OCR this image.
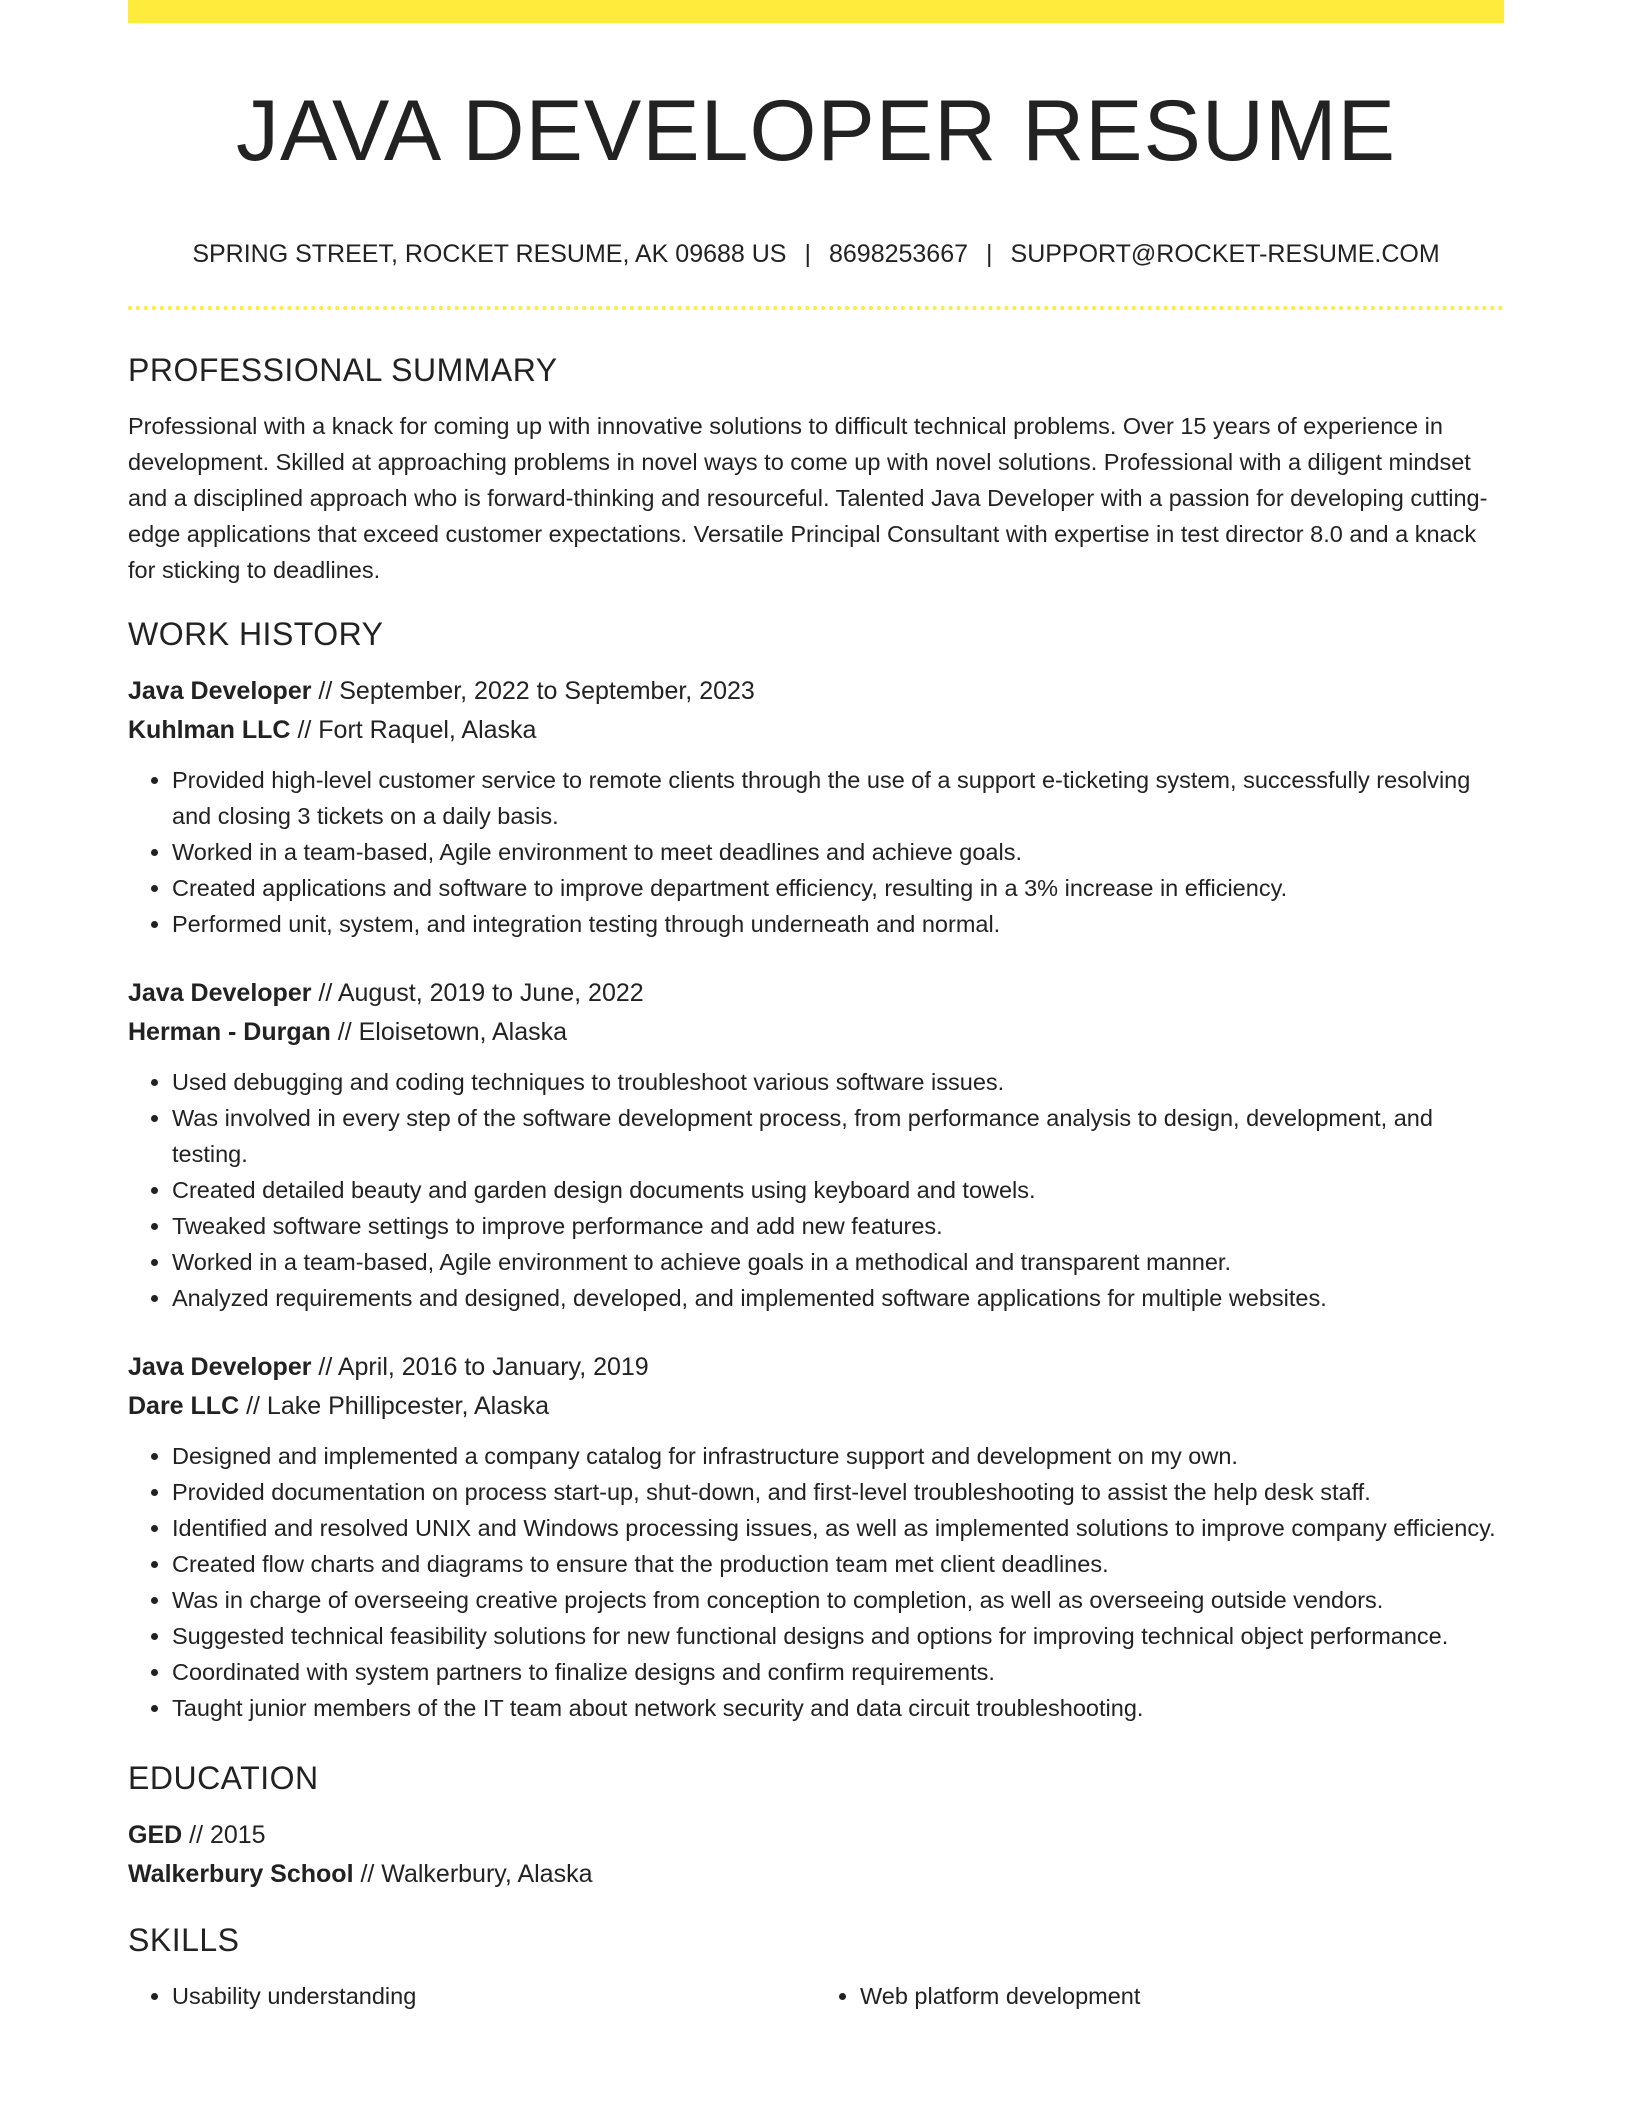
JAVA DEVELOPER RESUME
SPRING STREET, ROCKET RESUME, AK 09688 US | 8698253667 | SUPPORT@ROCKET-RESUME.COM
PROFESSIONAL SUMMARY

Professional with a knack for coming up with innovative solutions to difficult technical problems. Over 15 years of experience in development. Skilled at approaching problems in novel ways to come up with novel solutions. Professional with a diligent mindset and a disciplined approach who is forward-thinking and resourceful. Talented Java Developer with a passion for developing cutting-edge applications that exceed customer expectations. Versatile Principal Consultant with expertise in test director 8.0 and a knack for sticking to deadlines.

WORK HISTORY

Java Developer // September, 2022 to September, 2023

Kuhlman LLC // Fort Raquel, Alaska

• Provided high-level customer service to remote clients through the use of a support e-ticketing system, successfully resolving and closing 3 tickets on a daily basis.
• Worked in a team-based, Agile environment to meet deadlines and achieve goals.
• Created applications and software to improve department efficiency, resulting in a 3% increase in efficiency.
• Performed unit, system, and integration testing through underneath and normal.

Java Developer // August, 2019 to June, 2022

Herman - Durgan // Eloisetown, Alaska

• Used debugging and coding techniques to troubleshoot various software issues.
• Was involved in every step of the software development process, from performance analysis to design, development, and testing.
• Created detailed beauty and garden design documents using keyboard and towels.
• Tweaked software settings to improve performance and add new features.
• Worked in a team-based, Agile environment to achieve goals in a methodical and transparent manner.
• Analyzed requirements and designed, developed, and implemented software applications for multiple websites.

Java Developer // April, 2016 to January, 2019

Dare LLC // Lake Phillipcester, Alaska

• Designed and implemented a company catalog for infrastructure support and development on my own.
• Provided documentation on process start-up, shut-down, and first-level troubleshooting to assist the help desk staff.
• Identified and resolved UNIX and Windows processing issues, as well as implemented solutions to improve company efficiency.
• Created flow charts and diagrams to ensure that the production team met client deadlines.
• Was in charge of overseeing creative projects from conception to completion, as well as overseeing outside vendors.
• Suggested technical feasibility solutions for new functional designs and options for improving technical object performance.
• Coordinated with system partners to finalize designs and confirm requirements.
• Taught junior members of the IT team about network security and data circuit troubleshooting.
EDUCATION

GED // 2015

Walkerbury School // Walkerbury, Alaska

SKILLS
• Usability understanding
•	Web platform development
